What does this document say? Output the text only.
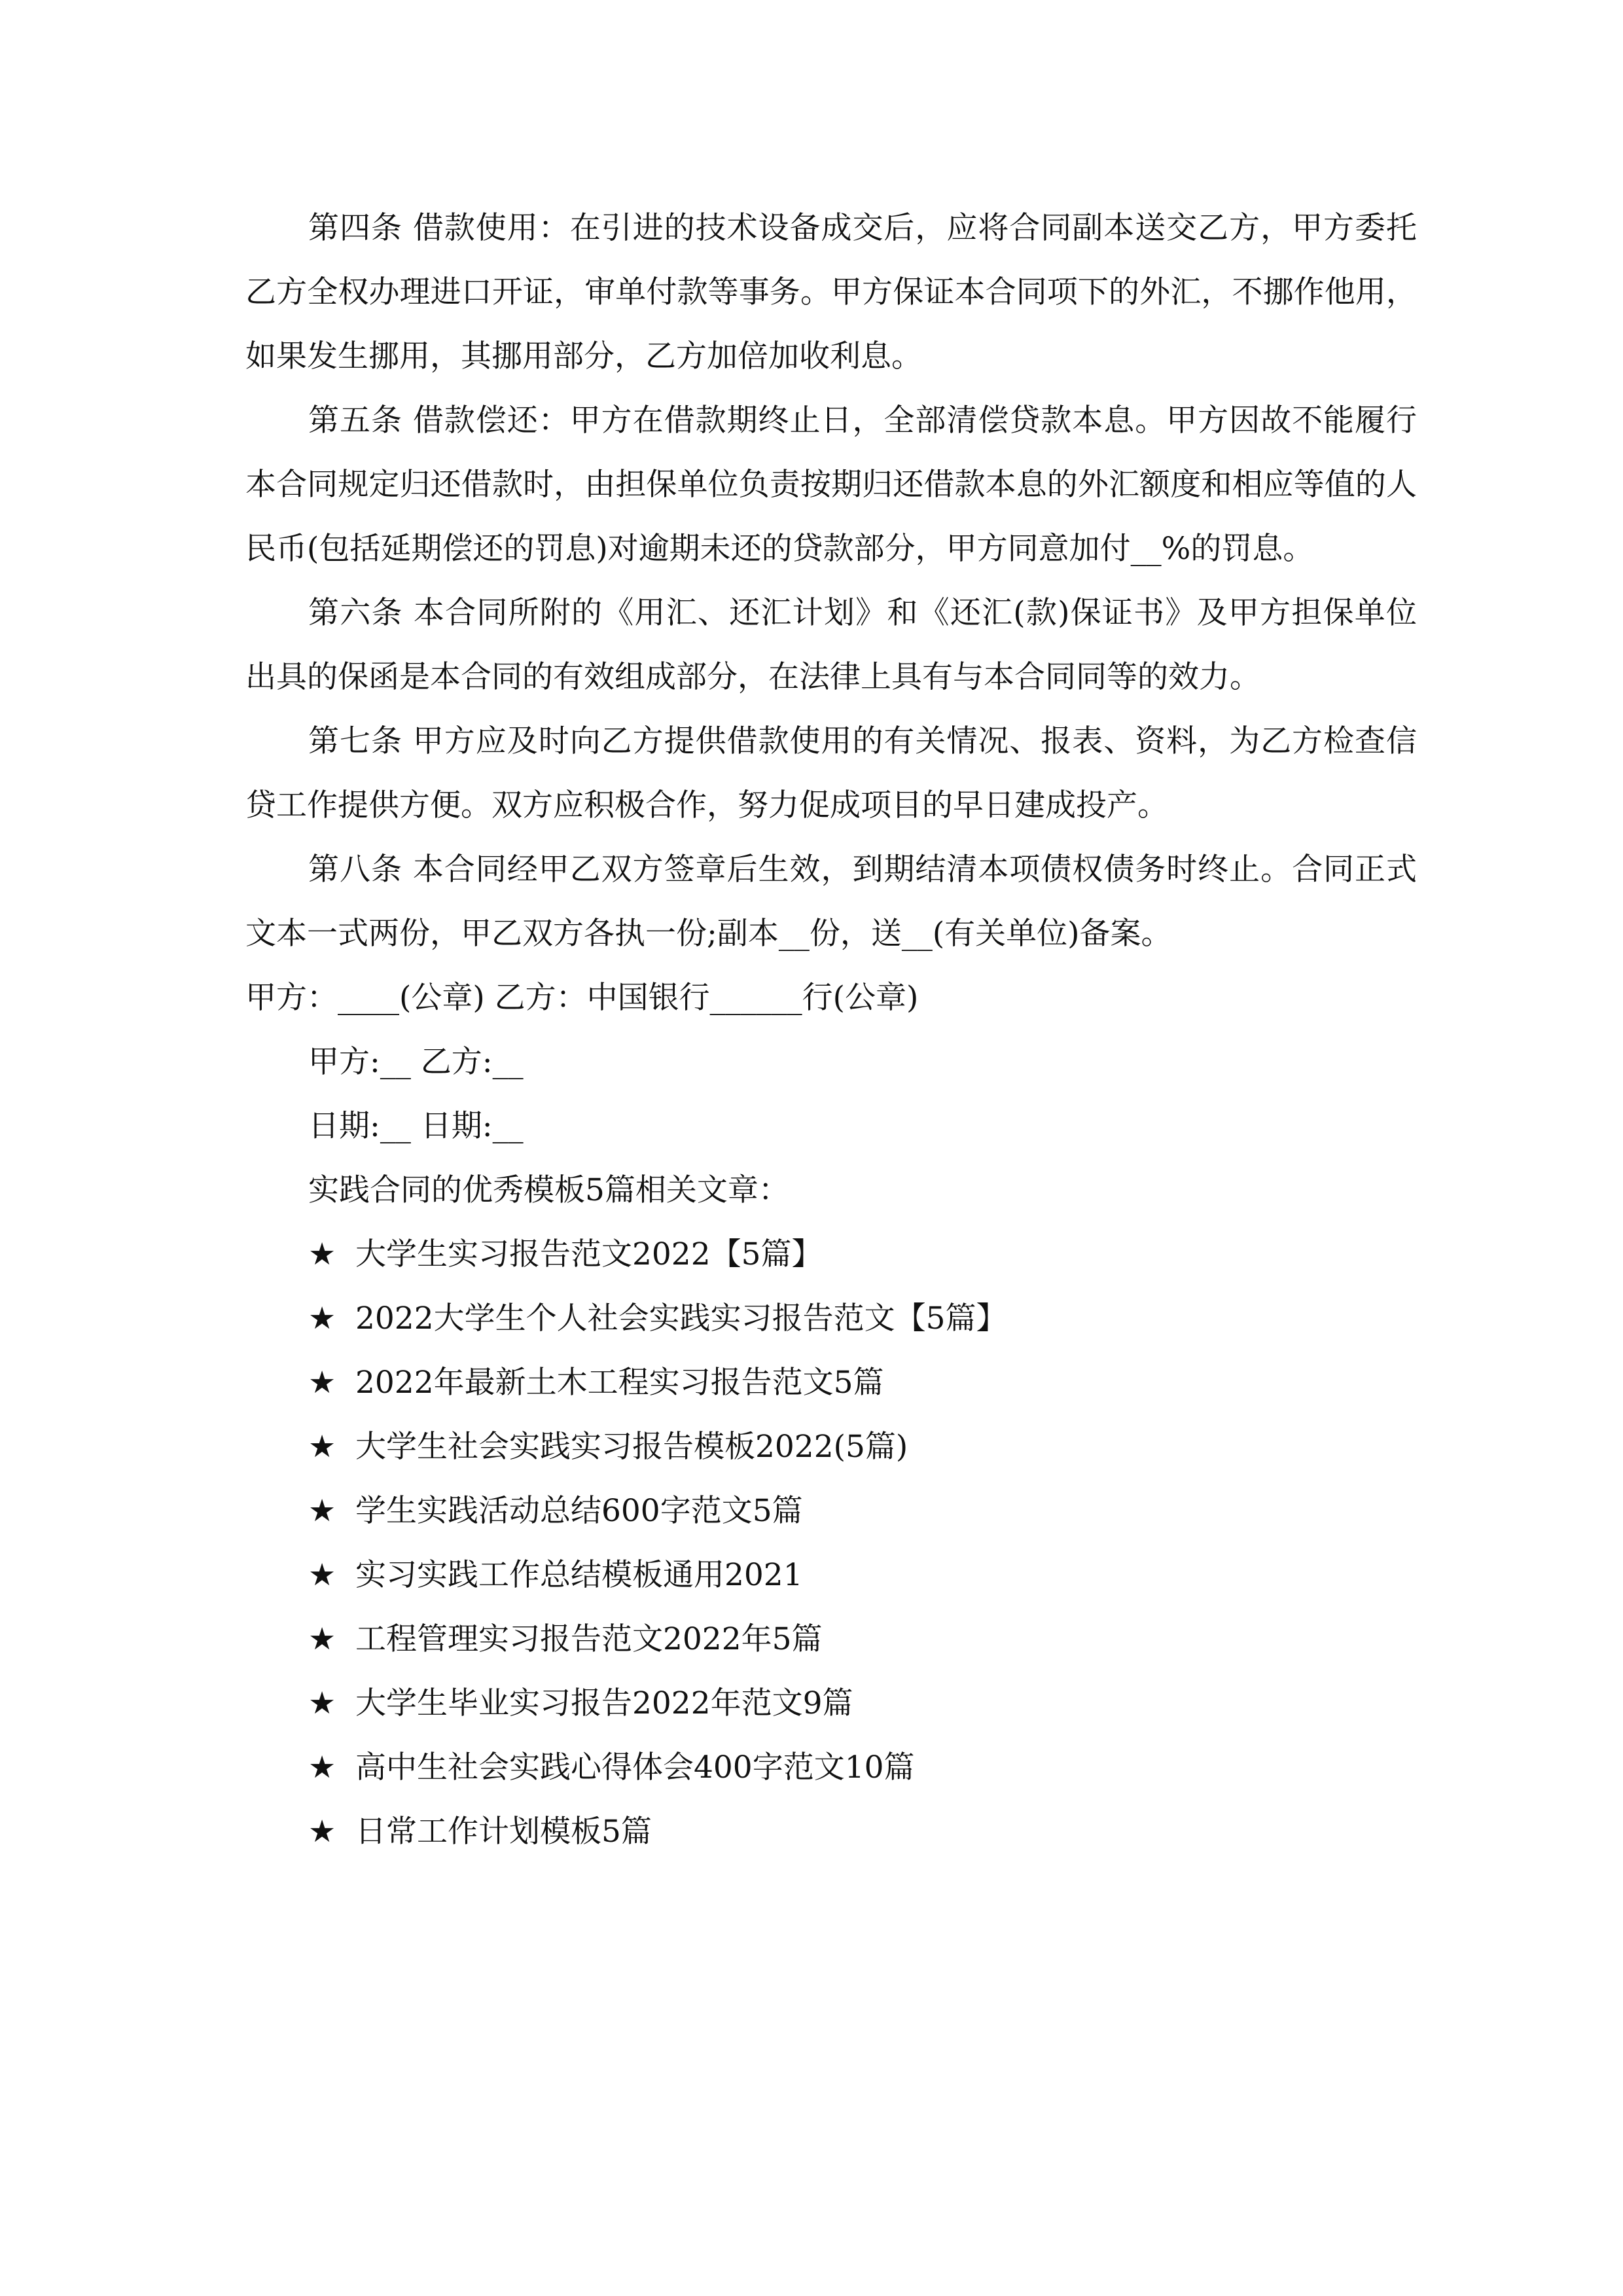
第四条 借款使用：在引进的技术设备成交后，应将合同副本送交乙方，甲方委托乙方全权办理进口开证，审单付款等事务。甲方保证本合同项下的外汇，不挪作他用，如果发生挪用，其挪用部分，乙方加倍加收利息。

第五条 借款偿还：甲方在借款期终止日，全部清偿贷款本息。甲方因故不能履行本合同规定归还借款时，由担保单位负责按期归还借款本息的外汇额度和相应等值的人民币(包括延期偿还的罚息)对逾期未还的贷款部分，甲方同意加付__%的罚息。

第六条 本合同所附的《用汇、还汇计划》和《还汇(款)保证书》及甲方担保单位出具的保函是本合同的有效组成部分，在法律上具有与本合同同等的效力。

第七条 甲方应及时向乙方提供借款使用的有关情况、报表、资料，为乙方检查信贷工作提供方便。双方应积极合作，努力促成项目的早日建成投产。

第八条 本合同经甲乙双方签章后生效，到期结清本项债权债务时终止。合同正式文本一式两份，甲乙双方各执一份;副本__份，送__(有关单位)备案。

甲方：____(公章) 乙方：中国银行______行(公章)

甲方:__ 乙方:__

日期:__ 日期:__

实践合同的优秀模板5篇相关文章：

★ 大学生实习报告范文2022【5篇】
★ 2022大学生个人社会实践实习报告范文【5篇】
★ 2022年最新土木工程实习报告范文5篇
★ 大学生社会实践实习报告模板2022(5篇)
★ 学生实践活动总结600字范文5篇
★ 实习实践工作总结模板通用2021
★ 工程管理实习报告范文2022年5篇
★ 大学生毕业实习报告2022年范文9篇
★ 高中生社会实践心得体会400字范文10篇
★ 日常工作计划模板5篇
